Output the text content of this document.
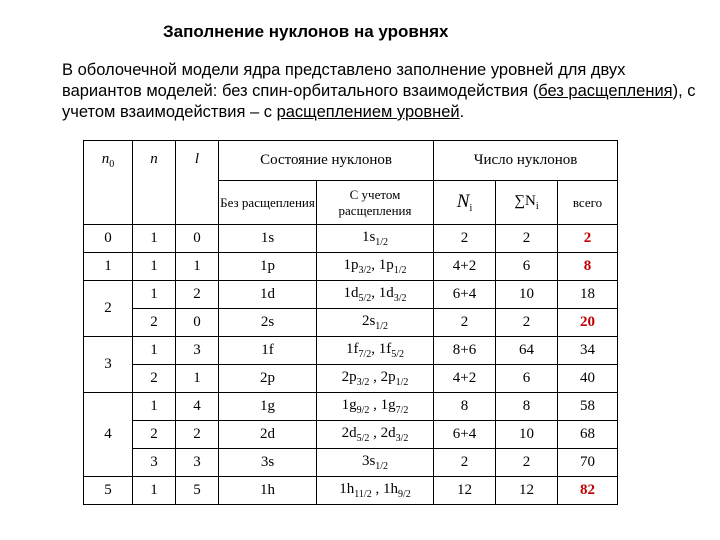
Заполнение нуклонов на уровнях
В оболочечной модели ядра представлено заполнение уровней для двух вариантов моделей: без спин-орбитального взаимодействия (без расщепления), с учетом взаимодействия – с расщеплением уровней.
$n_0$	n	l	Состояние нуклонов		Число нуклонов		
			Без расщепления	С учетом расщепления	$N_i$	$\sum N_i$	всего
0	1	0	1s	$1s_{1/2}$	2	2	2
1	1	1	1p	$1p_{3/2}$, $1p_{1/2}$	4+2	6	8
2	1	2	1d	$1d_{5/2}$, $1d_{3/2}$	6+4	10	18
	2	0	2s	$2s_{1/2}$	2	2	20
3	1	3	1f	$1f_{7/2}$, $1f_{5/2}$	8+6	64	34
	2	1	2p	$2p_{3/2}$ , $2p_{1/2}$	4+2	6	40
4	1	4	1g	$1g_{9/2}$ , $1g_{7/2}$	8	8	58
	2	2	2d	$2d_{5/2}$ , $2d_{3/2}$	6+4	10	68
	3	3	3s	$3s_{1/2}$	2	2	70
5	1	5	1h	$1h_{11/2}$ , $1h_{9/2}$	12	12	82
